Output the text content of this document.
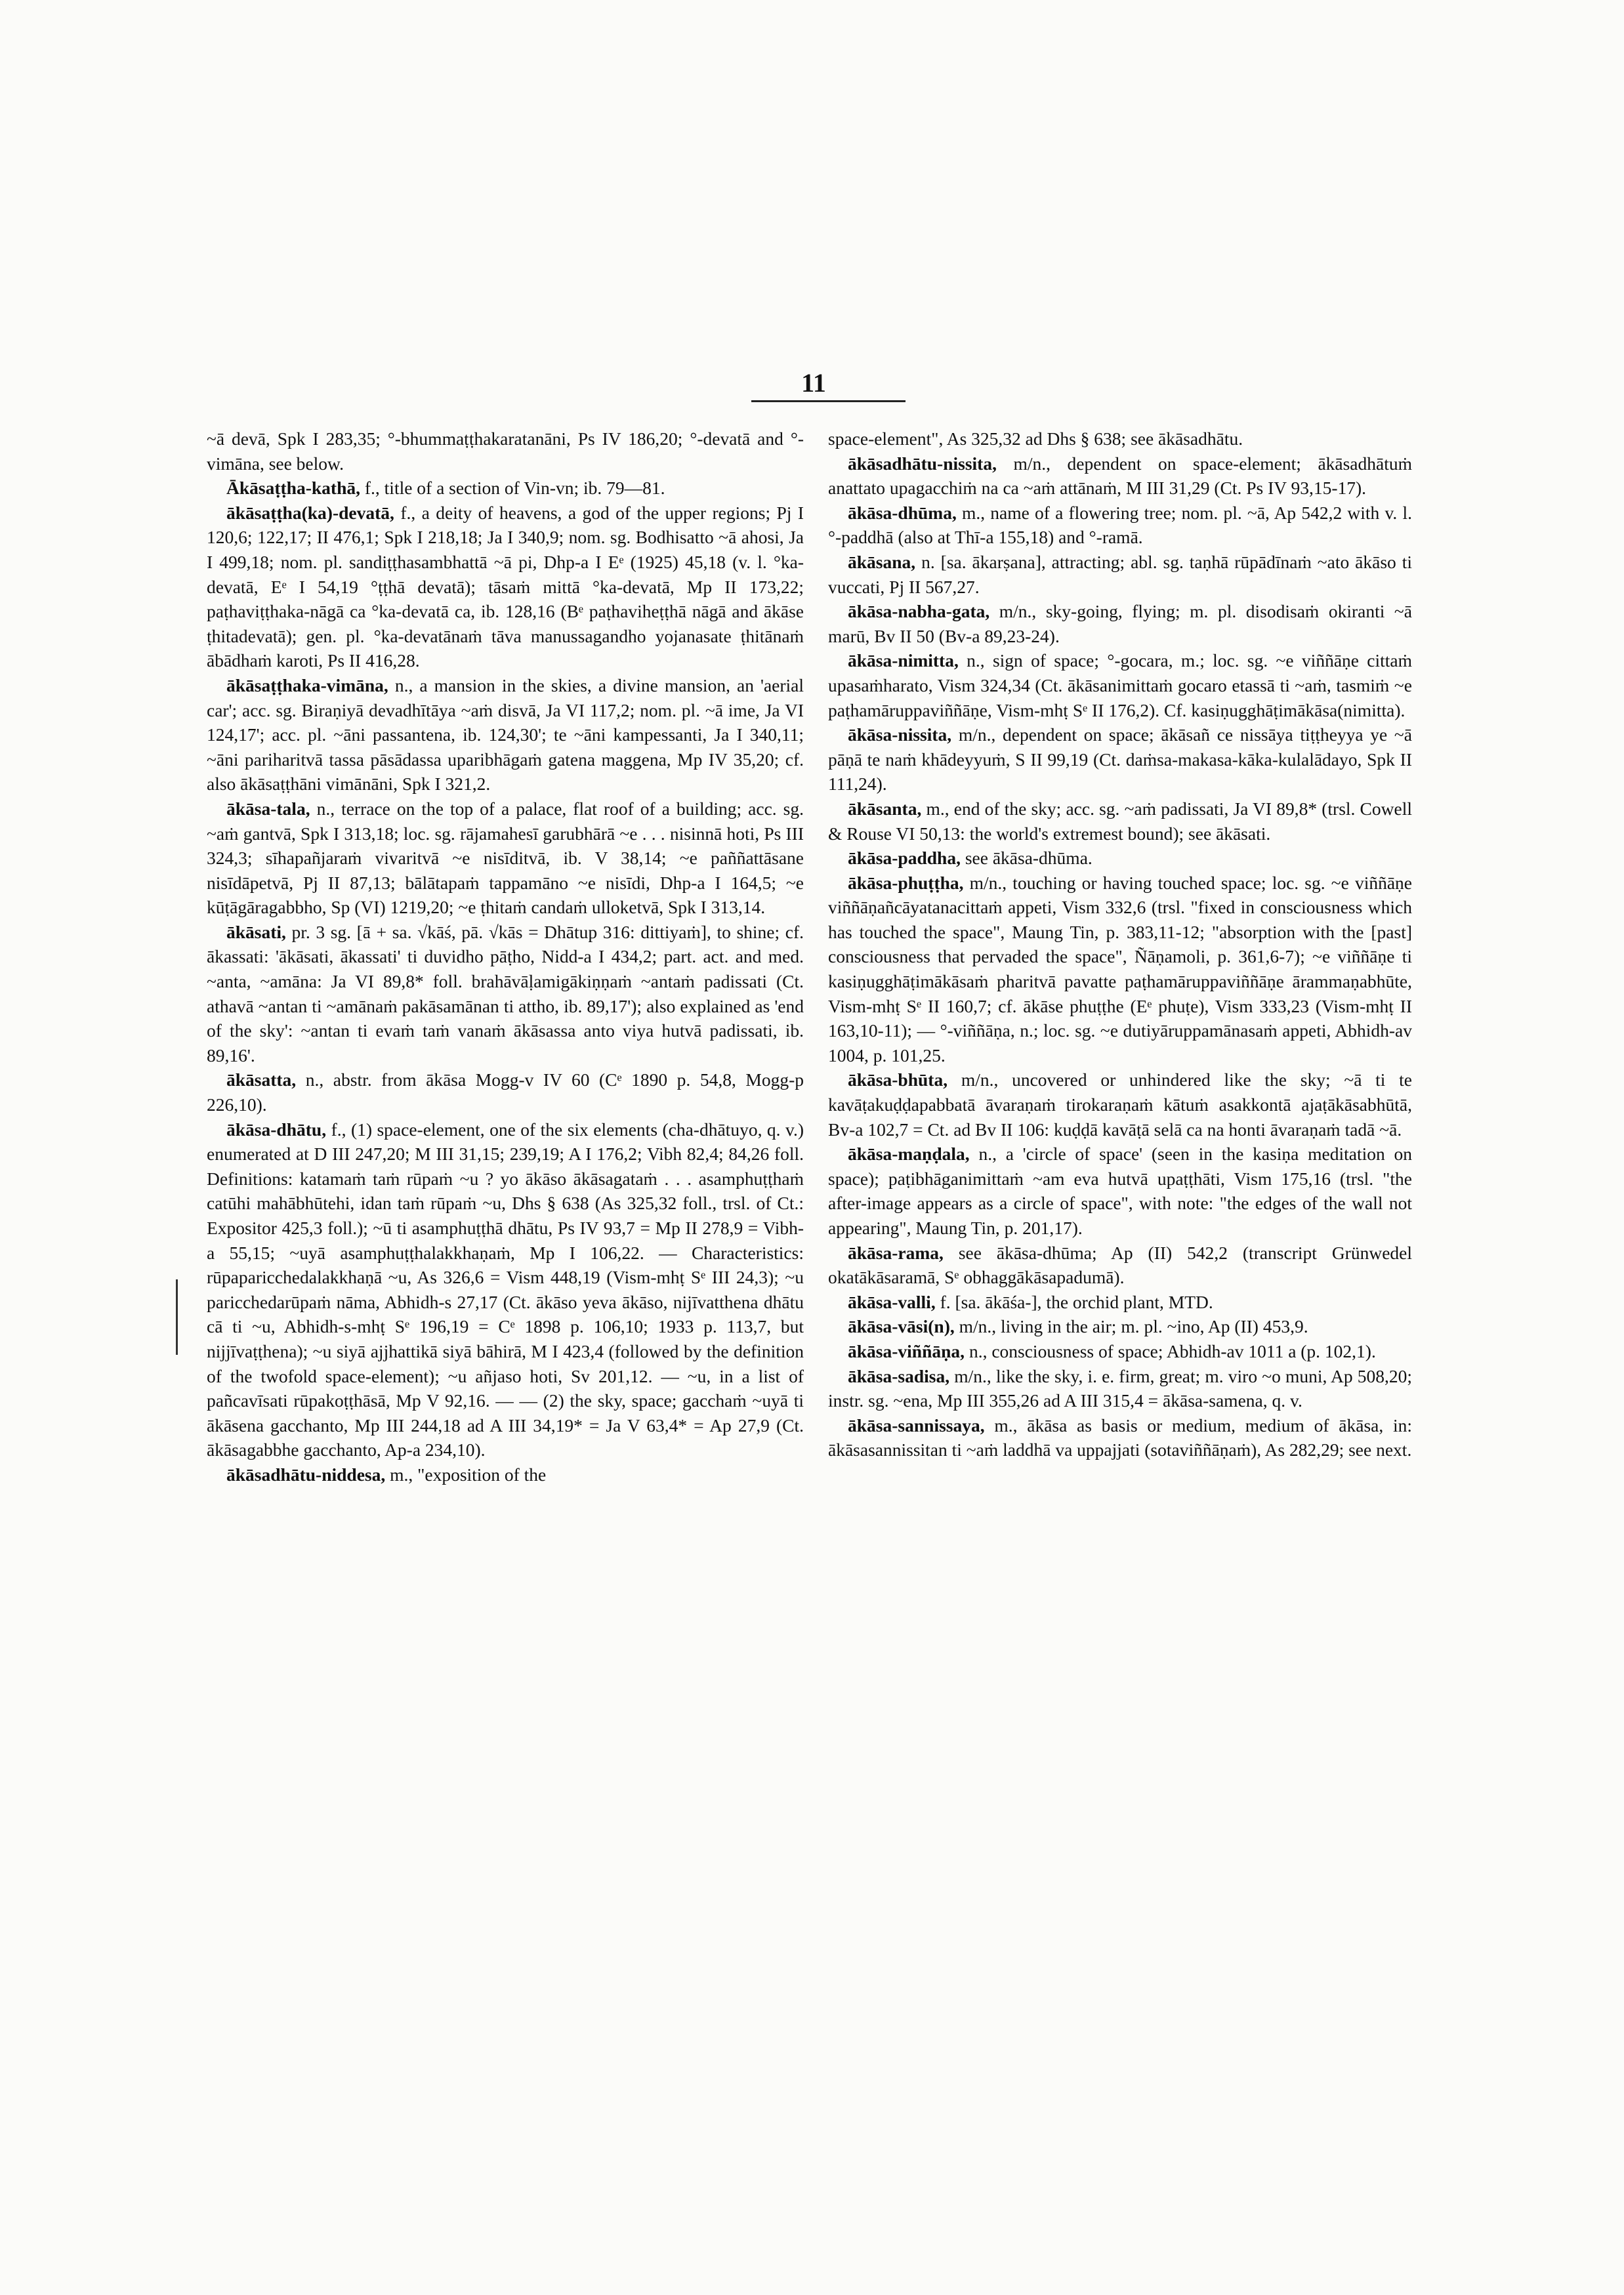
11

~ā devā, Spk I 283,35; °-bhummaṭṭhakaratanāni, Ps IV 186,20; °-devatā and °-vimāna, see below.

Ākāsaṭṭha-kathā, f., title of a section of Vin-vn; ib. 79—81.

ākāsaṭṭha(ka)-devatā, f., a deity of heavens, a god of the upper regions; Pj I 120,6; 122,17; II 476,1; Spk I 218,18; Ja I 340,9; nom. sg. Bodhisatto ~ā ahosi, Ja I 499,18; nom. pl. sandiṭṭhasambhattā ~ā pi, Dhp-a I Eᵉ (1925) 45,18 (v. l. °ka-devatā, Eᵉ I 54,19 °ṭṭhā devatā); tāsaṁ mittā °ka-devatā, Mp II 173,22; paṭhaviṭṭhaka-nāgā ca °ka-devatā ca, ib. 128,16 (Bᵉ paṭhaviheṭṭhā nāgā and ākāse ṭhitadevatā); gen. pl. °ka-devatānaṁ tāva manussagandho yojanasate ṭhitānaṁ ābādhaṁ karoti, Ps II 416,28.

ākāsaṭṭhaka-vimāna, n., a mansion in the skies, a divine mansion, an 'aerial car'; acc. sg. Biraṇiyā devadhītāya ~aṁ disvā, Ja VI 117,2; nom. pl. ~ā ime, Ja VI 124,17'; acc. pl. ~āni passantena, ib. 124,30'; te ~āni kampessanti, Ja I 340,11; ~āni pariharitvā tassa pāsādassa uparibhāgaṁ gatena maggena, Mp IV 35,20; cf. also ākāsaṭṭhāni vimānāni, Spk I 321,2.

ākāsa-tala, n., terrace on the top of a palace, flat roof of a building; acc. sg. ~aṁ gantvā, Spk I 313,18; loc. sg. rājamahesī garubhārā ~e . . . nisinnā hoti, Ps III 324,3; sīhapañjaraṁ vivaritvā ~e nisīditvā, ib. V 38,14; ~e paññattāsane nisīdāpetvā, Pj II 87,13; bālātapaṁ tappamāno ~e nisīdi, Dhp-a I 164,5; ~e kūṭāgāragabbho, Sp (VI) 1219,20; ~e ṭhitaṁ candaṁ ulloketvā, Spk I 313,14.

ākāsati, pr. 3 sg. [ā + sa. √kāś, pā. √kās = Dhātup 316: dittiyaṁ], to shine; cf. ākassati: 'ākāsati, ākassati' ti duvidho pāṭho, Nidd-a I 434,2; part. act. and med. ~anta, ~amāna: Ja VI 89,8* foll. brahāvāḷamigākiṇṇaṁ ~antaṁ padissati (Ct. athavā ~antan ti ~amānaṁ pakāsamānan ti attho, ib. 89,17'); also explained as 'end of the sky': ~antan ti evaṁ taṁ vanaṁ ākāsassa anto viya hutvā padissati, ib. 89,16'.

ākāsatta, n., abstr. from ākāsa Mogg-v IV 60 (Cᵉ 1890 p. 54,8, Mogg-p 226,10).

ākāsa-dhātu, f., (1) space-element, one of the six elements (cha-dhātuyo, q. v.) enumerated at D III 247,20; M III 31,15; 239,19; A I 176,2; Vibh 82,4; 84,26 foll. Definitions: katamaṁ taṁ rūpaṁ ~u ? yo ākāso ākāsagataṁ . . . asamphuṭṭhaṁ catūhi mahābhūtehi, idan taṁ rūpaṁ ~u, Dhs § 638 (As 325,32 foll., trsl. of Ct.: Expositor 425,3 foll.); ~ū ti asamphuṭṭhā dhātu, Ps IV 93,7 = Mp II 278,9 = Vibh-a 55,15; ~uyā asamphuṭṭhalakkhaṇaṁ, Mp I 106,22. — Characteristics: rūpaparicchedalakkhaṇā ~u, As 326,6 = Vism 448,19 (Vism-mhṭ Sᵉ III 24,3); ~u paricchedarūpaṁ nāma, Abhidh-s 27,17 (Ct. ākāso yeva ākāso, nijīvatthena dhātu cā ti ~u, Abhidh-s-mhṭ Sᵉ 196,19 = Cᵉ 1898 p. 106,10; 1933 p. 113,7, but nijjīvaṭṭhena); ~u siyā ajjhattikā siyā bāhirā, M I 423,4 (followed by the definition of the twofold space-element); ~u añjaso hoti, Sv 201,12. — ~u, in a list of pañcavīsati rūpakoṭṭhāsā, Mp V 92,16. — — (2) the sky, space; gacchaṁ ~uyā ti ākāsena gacchanto, Mp III 244,18 ad A III 34,19* = Ja V 63,4* = Ap 27,9 (Ct. ākāsagabbhe gacchanto, Ap-a 234,10).

ākāsadhātu-niddesa, m., "exposition of the

space-element", As 325,32 ad Dhs § 638; see ākāsadhātu.

ākāsadhātu-nissita, m/n., dependent on space-element; ākāsadhātuṁ anattato upagacchiṁ na ca ~aṁ attānaṁ, M III 31,29 (Ct. Ps IV 93,15-17).

ākāsa-dhūma, m., name of a flowering tree; nom. pl. ~ā, Ap 542,2 with v. l. °-paddhā (also at Thī-a 155,18) and °-ramā.

ākāsana, n. [sa. ākarṣana], attracting; abl. sg. taṇhā rūpādīnaṁ ~ato ākāso ti vuccati, Pj II 567,27.

ākāsa-nabha-gata, m/n., sky-going, flying; m. pl. disodisaṁ okiranti ~ā marū, Bv II 50 (Bv-a 89,23-24).

ākāsa-nimitta, n., sign of space; °-gocara, m.; loc. sg. ~e viññāṇe cittaṁ upasaṁharato, Vism 324,34 (Ct. ākāsanimittaṁ gocaro etassā ti ~aṁ, tasmiṁ ~e paṭhamāruppaviññāṇe, Vism-mhṭ Sᵉ II 176,2). Cf. kasiṇugghāṭimākāsa(nimitta).

ākāsa-nissita, m/n., dependent on space; ākāsañ ce nissāya tiṭṭheyya ye ~ā pāṇā te naṁ khādeyyuṁ, S II 99,19 (Ct. daṁsa-makasa-kāka-kulalādayo, Spk II 111,24).

ākāsanta, m., end of the sky; acc. sg. ~aṁ padissati, Ja VI 89,8* (trsl. Cowell & Rouse VI 50,13: the world's extremest bound); see ākāsati.

ākāsa-paddha, see ākāsa-dhūma.

ākāsa-phuṭṭha, m/n., touching or having touched space; loc. sg. ~e viññāṇe viññāṇañcāyatanacittaṁ appeti, Vism 332,6 (trsl. "fixed in consciousness which has touched the space", Maung Tin, p. 383,11-12; "absorption with the [past] consciousness that pervaded the space", Ñāṇamoli, p. 361,6-7); ~e viññāṇe ti kasiṇugghāṭimākāsaṁ pharitvā pavatte paṭhamāruppaviññāṇe ārammaṇabhūte, Vism-mhṭ Sᵉ II 160,7; cf. ākāse phuṭṭhe (Eᵉ phuṭe), Vism 333,23 (Vism-mhṭ II 163,10-11); — °-viññāṇa, n.; loc. sg. ~e dutiyāruppamānasaṁ appeti, Abhidh-av 1004, p. 101,25.

ākāsa-bhūta, m/n., uncovered or unhindered like the sky; ~ā ti te kavāṭakuḍḍapabbatā āvaraṇaṁ tirokaraṇaṁ kātuṁ asakkontā ajaṭākāsabhūtā, Bv-a 102,7 = Ct. ad Bv II 106: kuḍḍā kavāṭā selā ca na honti āvaraṇaṁ tadā ~ā.

ākāsa-maṇḍala, n., a 'circle of space' (seen in the kasiṇa meditation on space); paṭibhāganimittaṁ ~am eva hutvā upaṭṭhāti, Vism 175,16 (trsl. "the after-image appears as a circle of space", with note: "the edges of the wall not appearing", Maung Tin, p. 201,17).

ākāsa-rama, see ākāsa-dhūma; Ap (II) 542,2 (transcript Grünwedel okatākāsaramā, Sᵉ obhaggākāsapadumā).

ākāsa-valli, f. [sa. ākāśa-], the orchid plant, MTD.

ākāsa-vāsi(n), m/n., living in the air; m. pl. ~ino, Ap (II) 453,9.

ākāsa-viññāṇa, n., consciousness of space; Abhidh-av 1011 a (p. 102,1).

ākāsa-sadisa, m/n., like the sky, i. e. firm, great; m. viro ~o muni, Ap 508,20; instr. sg. ~ena, Mp III 355,26 ad A III 315,4 = ākāsa-samena, q. v.

ākāsa-sannissaya, m., ākāsa as basis or medium, medium of ākāsa, in: ākāsasannissitan ti ~aṁ laddhā va uppajjati (sotaviññāṇaṁ), As 282,29; see next.
